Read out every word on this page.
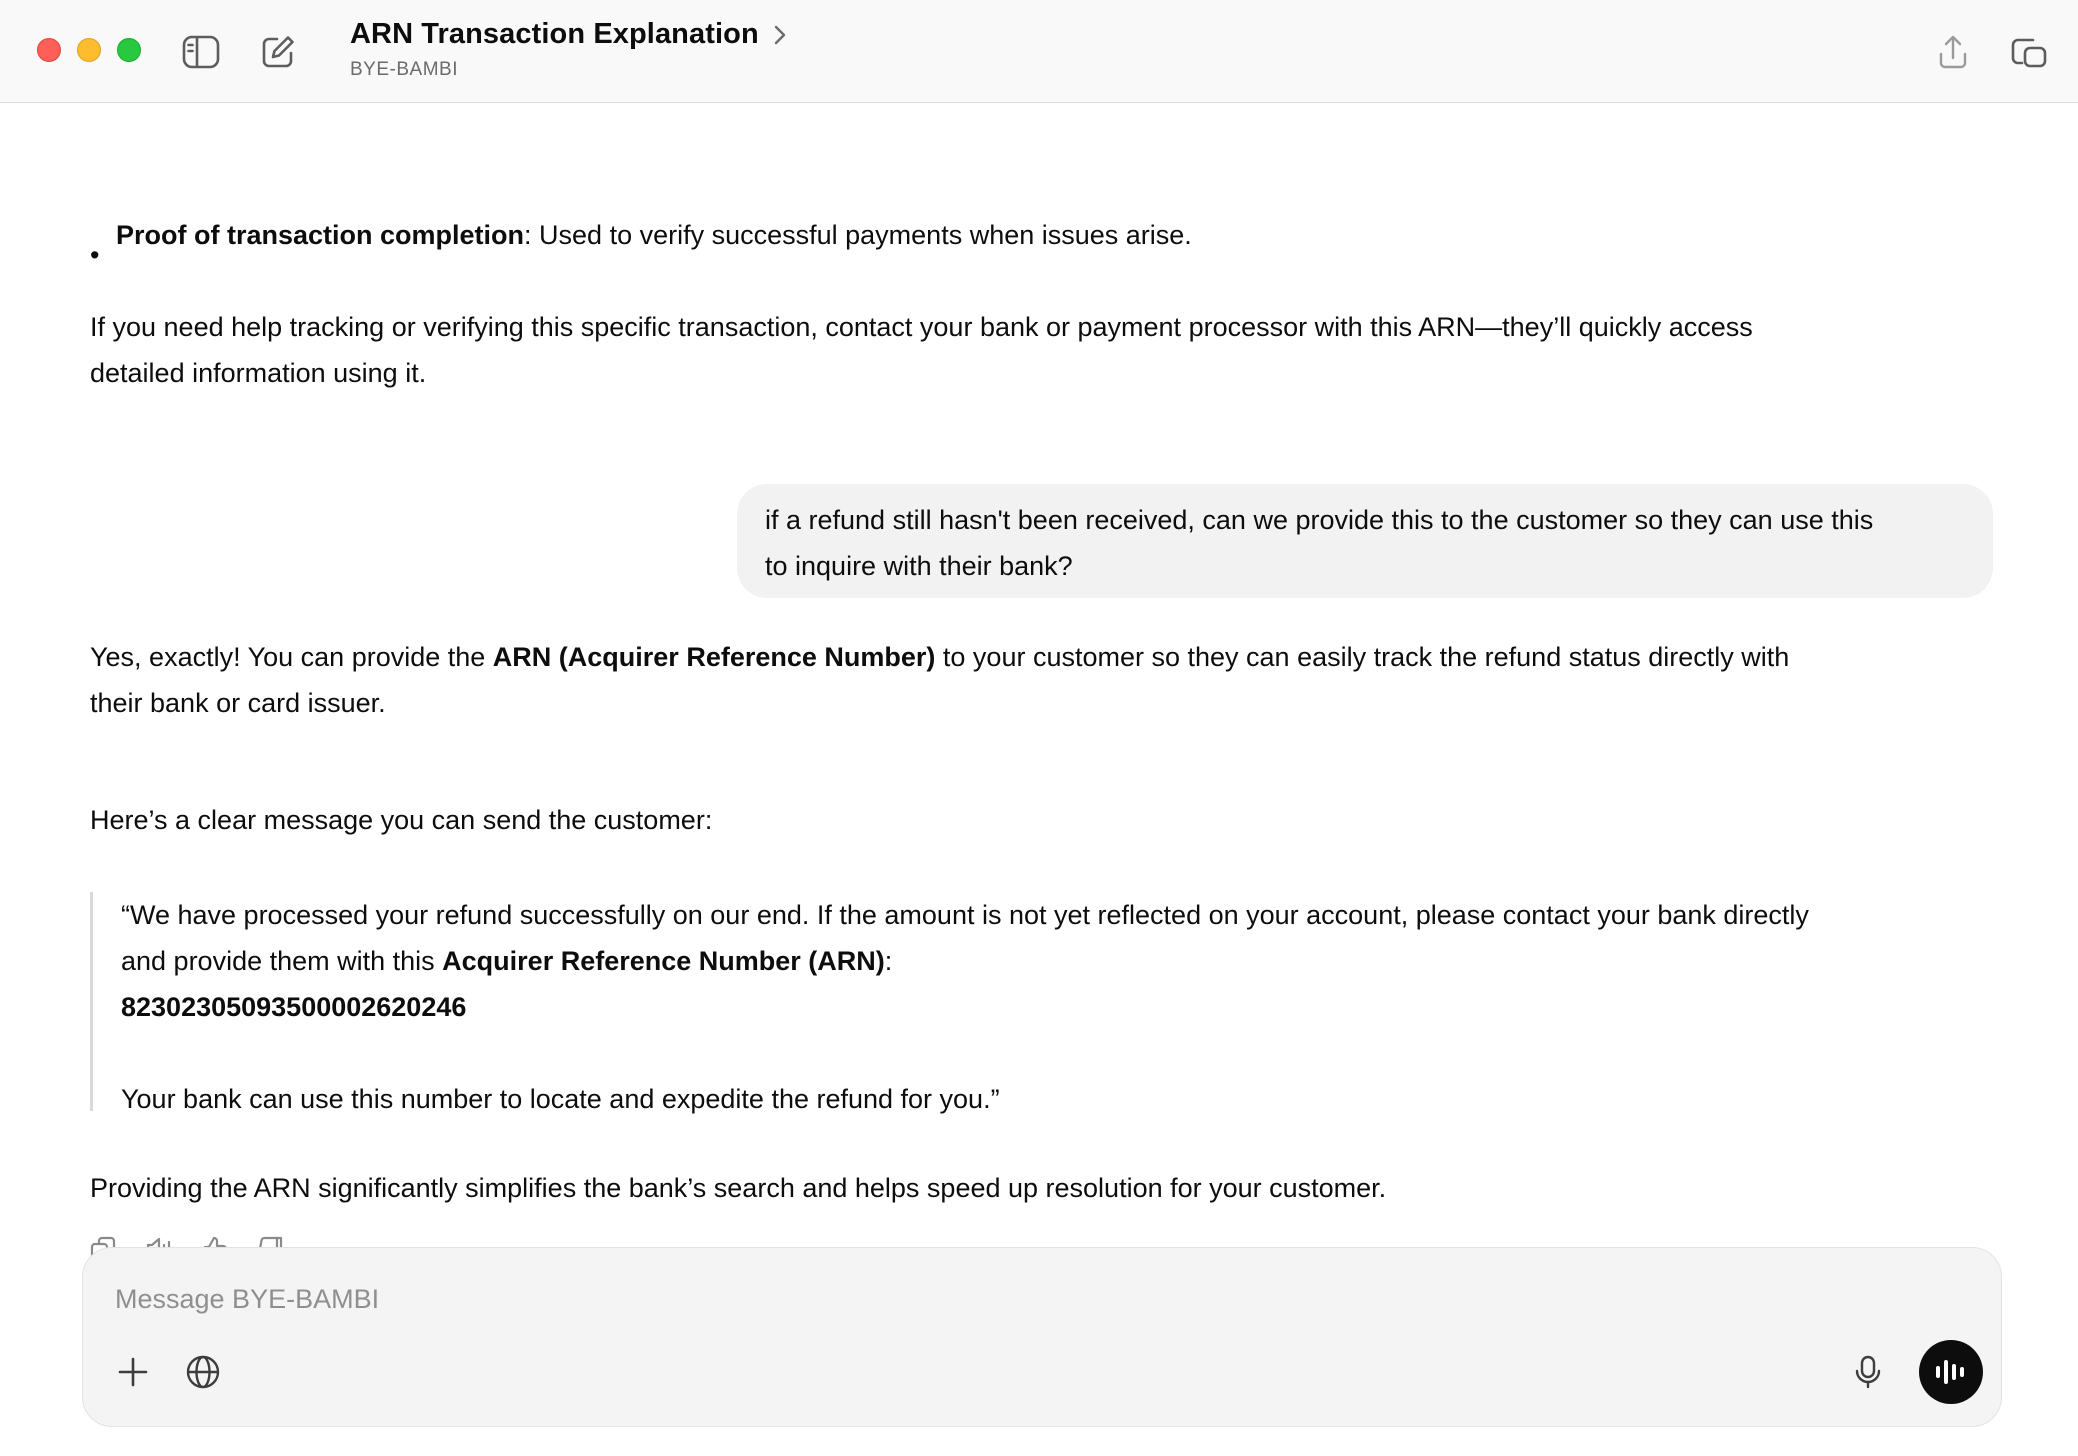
ARN Transaction Explanation
BYE-BAMBI
•
Proof of transaction completion: Used to verify successful payments when issues arise.
If you need help tracking or verifying this specific transaction, contact your bank or payment processor with this ARN—they’ll quickly access
detailed information using it.
if a refund still hasn't been received, can we provide this to the customer so they can use this
to inquire with their bank?
Yes, exactly! You can provide the ARN (Acquirer Reference Number) to your customer so they can easily track the refund status directly with
their bank or card issuer.
Here’s a clear message you can send the customer:
“We have processed your refund successfully on our end. If the amount is not yet reflected on your account, please contact your bank directly
and provide them with this Acquirer Reference Number (ARN):
82302305093500002620246
Your bank can use this number to locate and expedite the refund for you.”
Providing the ARN significantly simplifies the bank’s search and helps speed up resolution for your customer.
Message BYE-BAMBI
